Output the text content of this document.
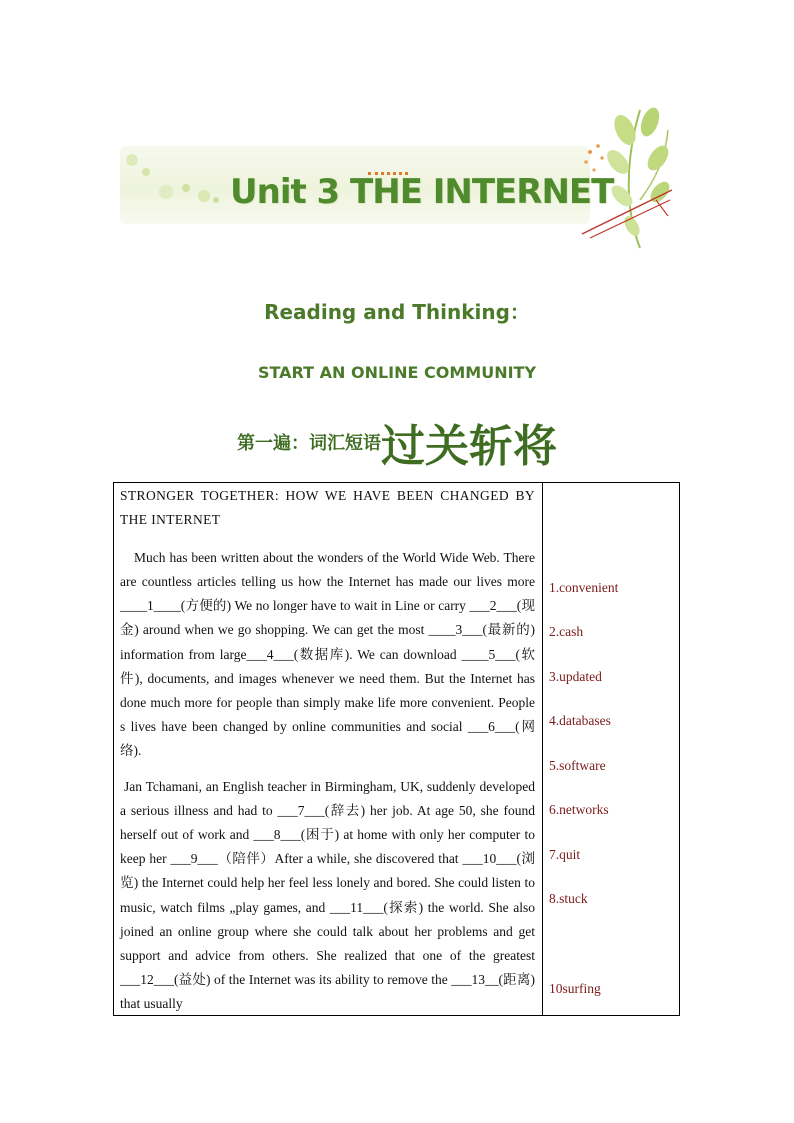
Unit 3 THE INTERNET
Reading and Thinking：
START AN ONLINE COMMUNITY
第一遍：词汇短语过关斩将

STRONGER TOGETHER: HOW WE HAVE BEEN CHANGED BY THE INTERNET

Much has been written about the wonders of the World Wide Web. There are countless articles telling us how the Internet has made our lives more ____1____(方便的) We no longer have to wait in Line or carry ___2___(现金) around when we go shopping. We can get the most ____3___(最新的) information from large___4___(数据库). We can download ____5___(软件), documents, and images whenever we need them. But the Internet has done much more for people than simply make life more convenient. People s lives have been changed by online communities and social ___6___(网络).

Jan Tchamani, an English teacher in Birmingham, UK, suddenly developed a serious illness and had to ___7___(辞去) her job. At age 50, she found herself out of work and ___8___(困于) at home with only her computer to keep her ___9___（陪伴）After a while, she discovered that ___10___(浏览) the Internet could help her feel less lonely and bored. She could listen to music, watch films „play games, and ___11___(探索) the world. She also joined an online group where she could talk about her problems and get support and advice from others. She realized that one of the greatest ___12___(益处) of the Internet was its ability to remove the ___13__(距离) that usually

1.convenient
2.cash
3.updated
4.databases
5.software
6.networks
7.quit
8.stuck
10surfing
